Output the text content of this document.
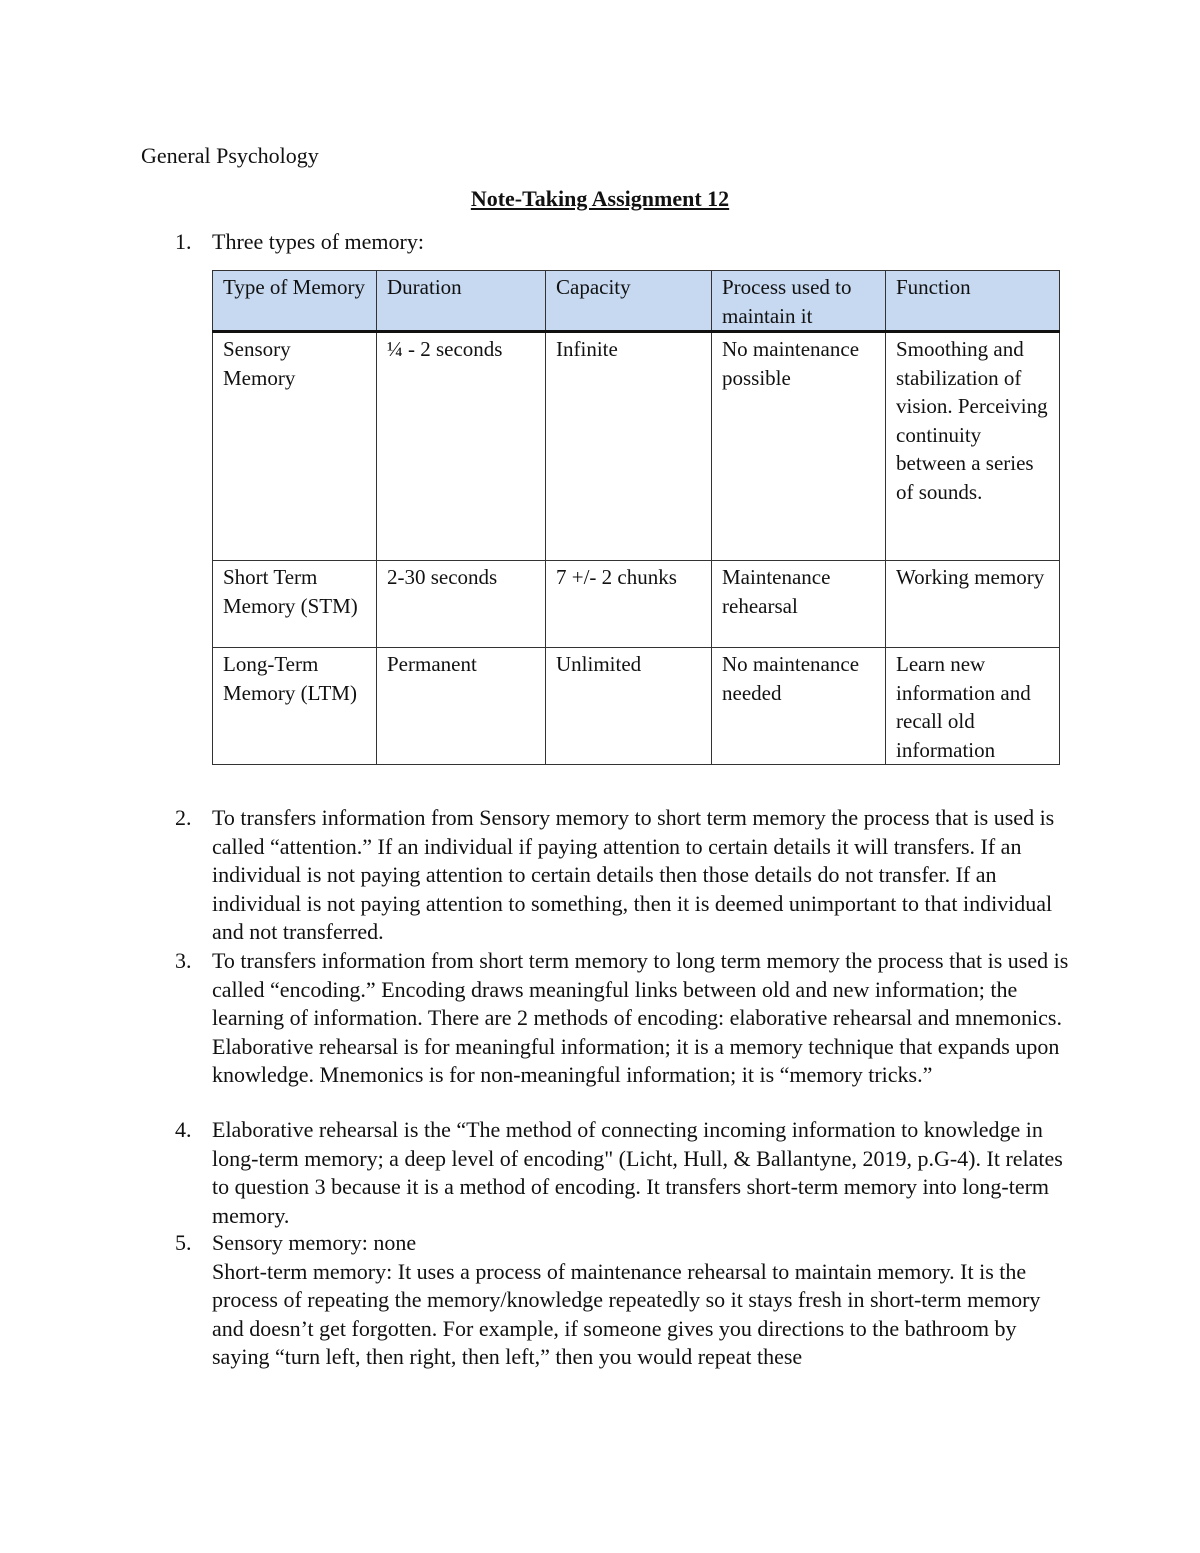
General Psychology
Note-Taking Assignment 12
1. Three types of memory:
Type of Memory	Duration	Capacity	Process used to maintain it	Function
Sensory Memory	¼ - 2 seconds	Infinite	No maintenance possible	Smoothing and stabilization of vision. Perceiving continuity between a series of sounds.
Short Term Memory (STM)	2-30 seconds	7 +/- 2 chunks	Maintenance rehearsal	Working memory
Long-Term Memory (LTM)	Permanent	Unlimited	No maintenance needed	Learn new information and recall old information
2. To transfers information from Sensory memory to short term memory the process that is used is called “attention.” If an individual if paying attention to certain details it will transfers. If an individual is not paying attention to certain details then those details do not transfer. If an individual is not paying attention to something, then it is deemed unimportant to that individual and not transferred.
3. To transfers information from short term memory to long term memory the process that is used is called “encoding.” Encoding draws meaningful links between old and new information; the learning of information. There are 2 methods of encoding: elaborative rehearsal and mnemonics. Elaborative rehearsal is for meaningful information; it is a memory technique that expands upon knowledge. Mnemonics is for non-meaningful information; it is “memory tricks.”
4. Elaborative rehearsal is the “The method of connecting incoming information to knowledge in long-term memory; a deep level of encoding" (Licht, Hull, & Ballantyne, 2019, p.G-4). It relates to question 3 because it is a method of encoding. It transfers short-term memory into long-term memory.
5. Sensory memory: none
Short-term memory: It uses a process of maintenance rehearsal to maintain memory. It is the process of repeating the memory/knowledge repeatedly so it stays fresh in short-term memory and doesn’t get forgotten. For example, if someone gives you directions to the bathroom by saying “turn left, then right, then left,” then you would repeat these
